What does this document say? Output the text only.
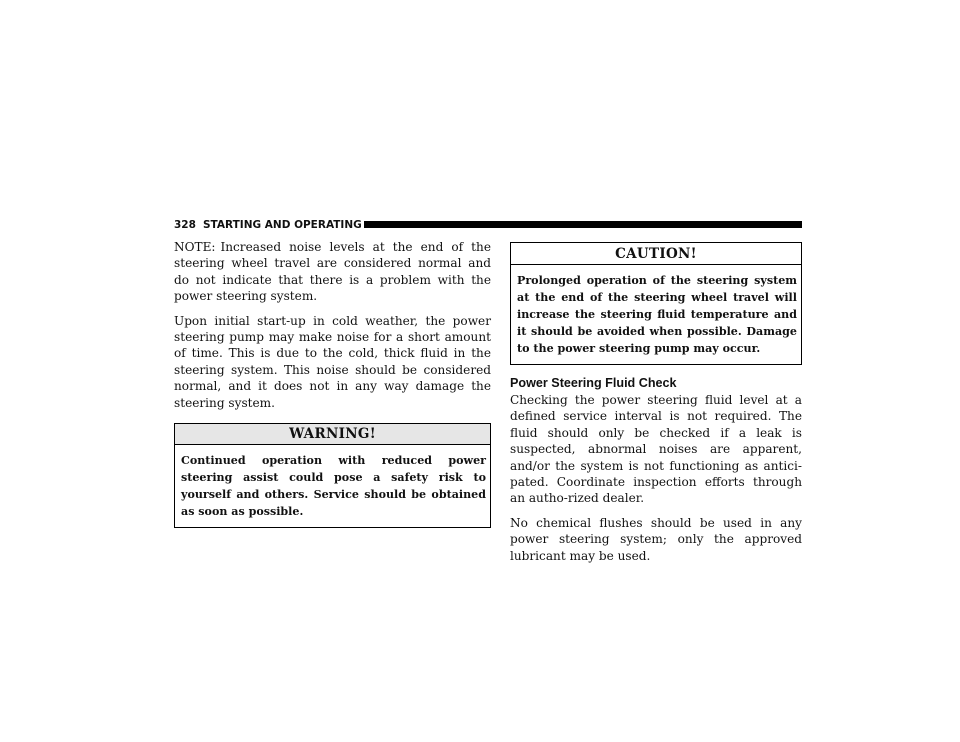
328 STARTING AND OPERATING

NOTE: Increased noise levels at the end of the steering wheel travel are considered normal and do not indicate that there is a problem with the power steering system.

Upon initial start-up in cold weather, the power steering pump may make noise for a short amount of time. This is due to the cold, thick fluid in the steering system. This noise should be considered normal, and it does not in any way damage the steering system.

WARNING!
Continued operation with reduced power steering assist could pose a safety risk to yourself and others. Service should be obtained as soon as possible.
CAUTION!
Prolonged operation of the steering system at the end of the steering wheel travel will increase the steering fluid temperature and it should be avoided when possible. Damage to the power steering pump may occur.
Power Steering Fluid Check

Checking the power steering fluid level at a defined service interval is not required. The fluid should only be checked if a leak is suspected, abnormal noises are apparent, and/or the system is not functioning as antici-pated. Coordinate inspection efforts through an autho-rized dealer.

No chemical flushes should be used in any power steering system; only the approved lubricant may be used.
